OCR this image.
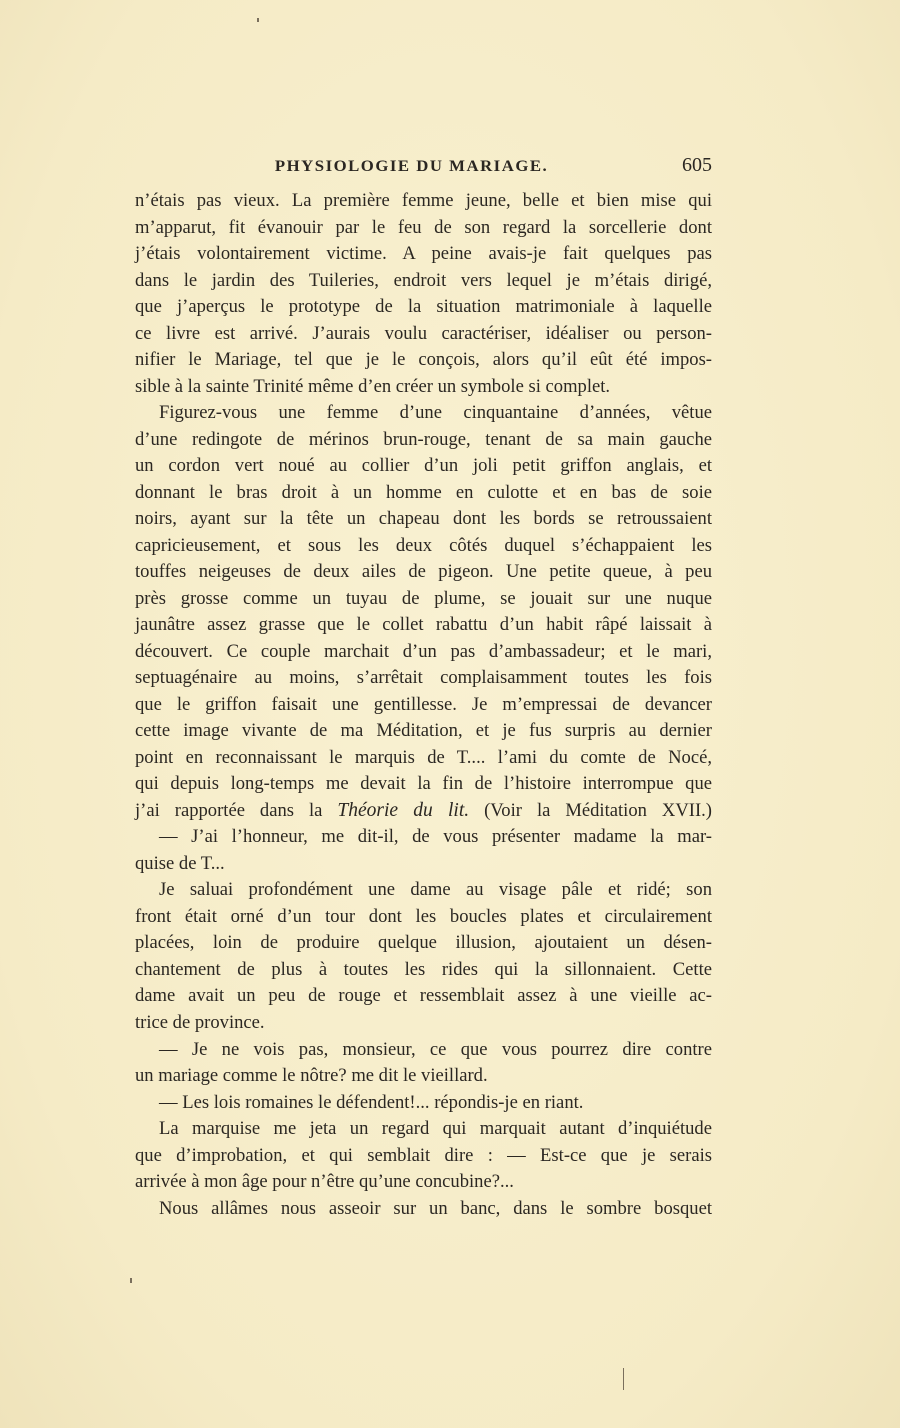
PHYSIOLOGIE DU MARIAGE.	605
n’étais pas vieux. La première femme jeune, belle et bien mise qui
m’apparut, fit évanouir par le feu de son regard la sorcellerie dont
j’étais volontairement victime. A peine avais-je fait quelques pas
dans le jardin des Tuileries, endroit vers lequel je m’étais dirigé,
que j’aperçus le prototype de la situation matrimoniale à laquelle
ce livre est arrivé. J’aurais voulu caractériser, idéaliser ou person-
nifier le Mariage, tel que je le conçois, alors qu’il eût été impos-
sible à la sainte Trinité même d’en créer un symbole si complet.
Figurez-vous une femme d’une cinquantaine d’années, vêtue
d’une redingote de mérinos brun-rouge, tenant de sa main gauche
un cordon vert noué au collier d’un joli petit griffon anglais, et
donnant le bras droit à un homme en culotte et en bas de soie
noirs, ayant sur la tête un chapeau dont les bords se retroussaient
capricieusement, et sous les deux côtés duquel s’échappaient les
touffes neigeuses de deux ailes de pigeon. Une petite queue, à peu
près grosse comme un tuyau de plume, se jouait sur une nuque
jaunâtre assez grasse que le collet rabattu d’un habit râpé laissait à
découvert. Ce couple marchait d’un pas d’ambassadeur; et le mari,
septuagénaire au moins, s’arrêtait complaisamment toutes les fois
que le griffon faisait une gentillesse. Je m’empressai de devancer
cette image vivante de ma Méditation, et je fus surpris au dernier
point en reconnaissant le marquis de T.... l’ami du comte de Nocé,
qui depuis long-temps me devait la fin de l’histoire interrompue que
j’ai rapportée dans la Théorie du lit. (Voir la Méditation XVII.)
— J’ai l’honneur, me dit-il, de vous présenter madame la mar-
quise de T...
Je saluai profondément une dame au visage pâle et ridé; son
front était orné d’un tour dont les boucles plates et circulairement
placées, loin de produire quelque illusion, ajoutaient un désen-
chantement de plus à toutes les rides qui la sillonnaient. Cette
dame avait un peu de rouge et ressemblait assez à une vieille ac-
trice de province.
— Je ne vois pas, monsieur, ce que vous pourrez dire contre
un mariage comme le nôtre? me dit le vieillard.
— Les lois romaines le défendent!... répondis-je en riant.
La marquise me jeta un regard qui marquait autant d’inquiétude
que d’improbation, et qui semblait dire : — Est-ce que je serais
arrivée à mon âge pour n’être qu’une concubine?...
Nous allâmes nous asseoir sur un banc, dans le sombre bosquet
